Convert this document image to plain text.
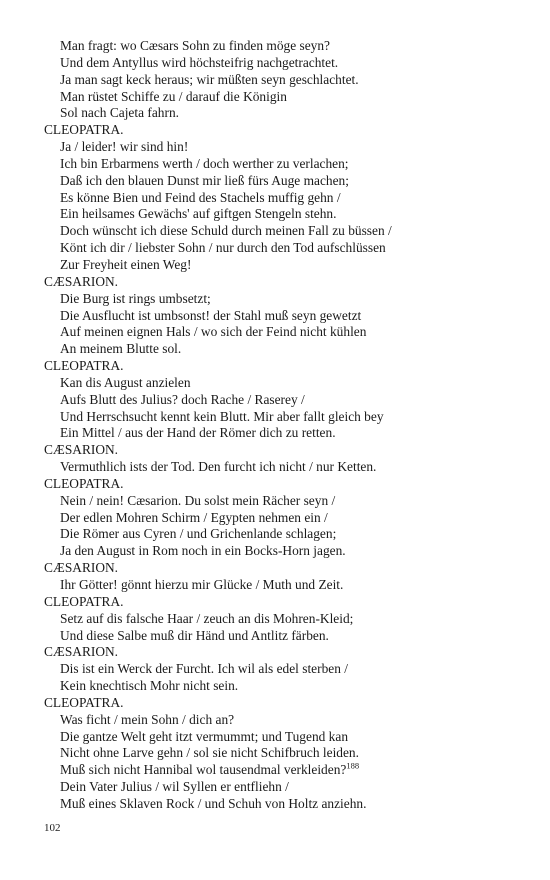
Man fragt: wo Cæsars Sohn zu finden möge seyn?
Und dem Antyllus wird höchsteifrig nachgetrachtet.
Ja man sagt keck heraus; wir müßten seyn geschlachtet.
Man rüstet Schiffe zu / darauf die Königin
Sol nach Cajeta fahrn.
CLEOPATRA.
Ja / leider! wir sind hin!
Ich bin Erbarmens werth / doch werther zu verlachen;
Daß ich den blauen Dunst mir ließ fürs Auge machen;
Es könne Bien und Feind des Stachels muffig gehn /
Ein heilsames Gewächs' auf giftgen Stengeln stehn.
Doch wünscht ich diese Schuld durch meinen Fall zu büssen /
Könt ich dir / liebster Sohn / nur durch den Tod aufschlüssen
Zur Freyheit einen Weg!
CÆSARION.
Die Burg ist rings umbsetzt;
Die Ausflucht ist umbsonst! der Stahl muß seyn gewetzt
Auf meinen eignen Hals / wo sich der Feind nicht kühlen
An meinem Blutte sol.
CLEOPATRA.
Kan dis August anzielen
Aufs Blutt des Julius? doch Rache / Raserey /
Und Herrschsucht kennt kein Blutt. Mir aber fallt gleich bey
Ein Mittel / aus der Hand der Römer dich zu retten.
CÆSARION.
Vermuthlich ists der Tod. Den furcht ich nicht / nur Ketten.
CLEOPATRA.
Nein / nein! Cæsarion. Du solst mein Rächer seyn /
Der edlen Mohren Schirm / Egypten nehmen ein /
Die Römer aus Cyren / und Grichenlande schlagen;
Ja den August in Rom noch in ein Bocks-Horn jagen.
CÆSARION.
Ihr Götter! gönnt hierzu mir Glücke / Muth und Zeit.
CLEOPATRA.
Setz auf dis falsche Haar / zeuch an dis Mohren-Kleid;
Und diese Salbe muß dir Händ und Antlitz färben.
CÆSARION.
Dis ist ein Werck der Furcht. Ich wil als edel sterben /
Kein knechtisch Mohr nicht sein.
CLEOPATRA.
Was ficht / mein Sohn / dich an?
Die gantze Welt geht itzt vermummt; und Tugend kan
Nicht ohne Larve gehn / sol sie nicht Schifbruch leiden.
Muß sich nicht Hannibal wol tausendmal verkleiden?$^{188}$
Dein Vater Julius / wil Syllen er entfliehn /
Muß eines Sklaven Rock / und Schuh von Holtz anziehn.
102
